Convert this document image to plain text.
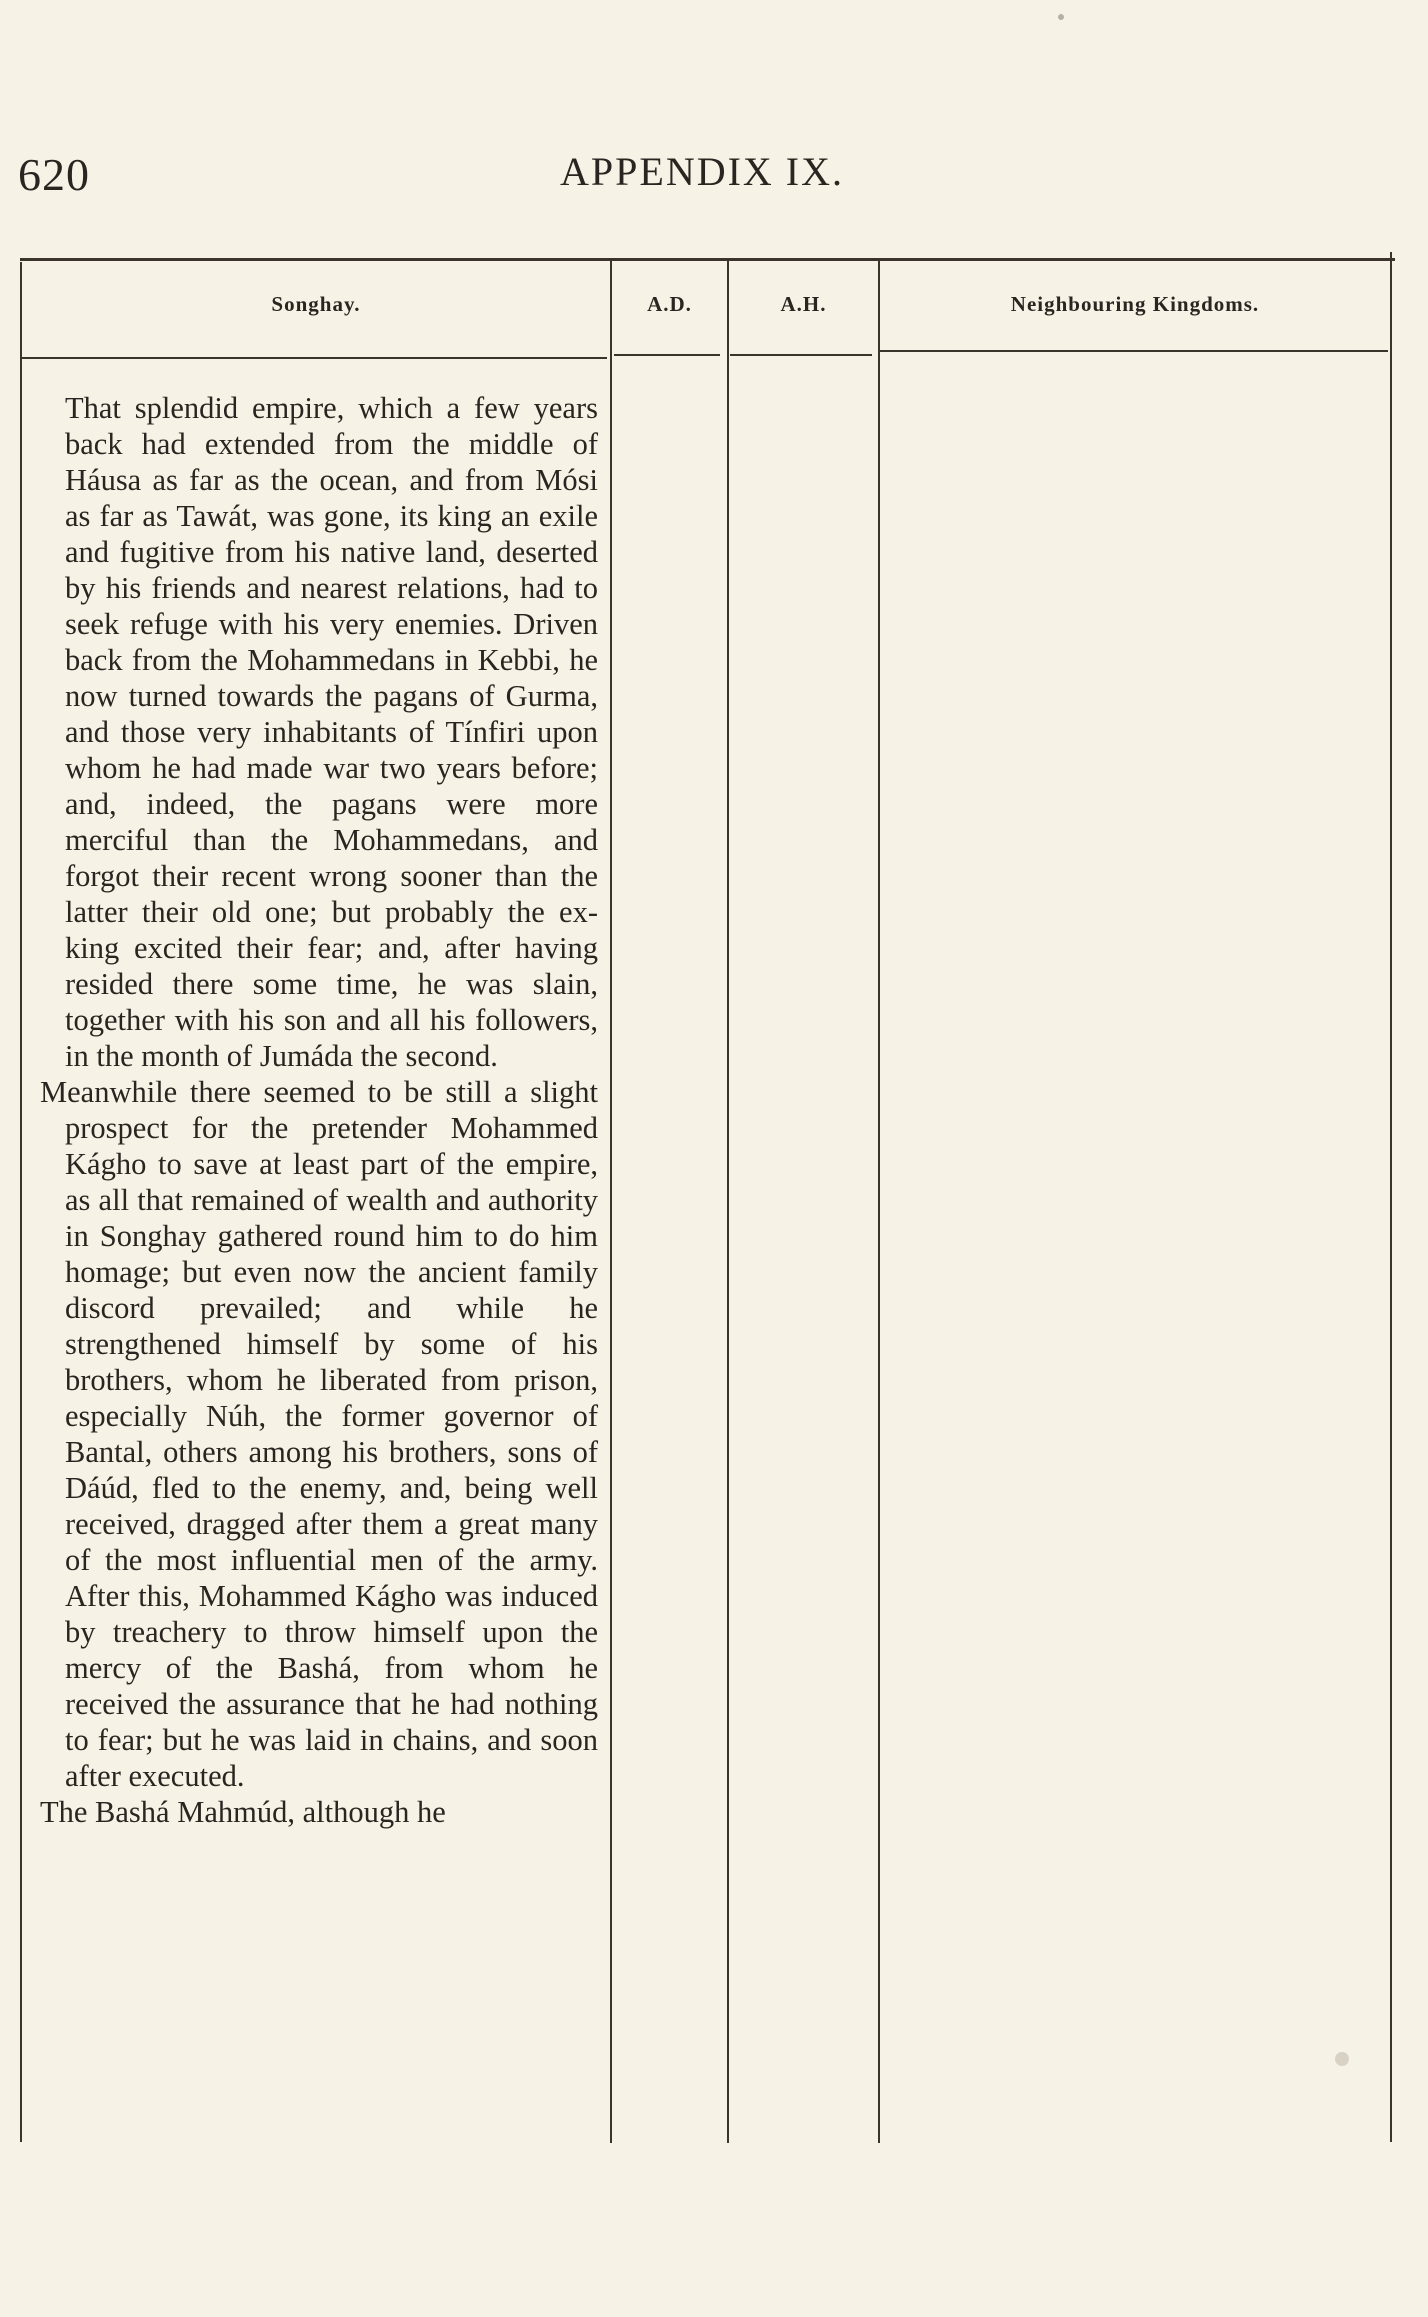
620	APPENDIX IX.
Songhay.	A.D.	A.H.	Neighbouring Kingdoms.

That splendid empire, which a few years back had extended from the middle of Háusa as far as the ocean, and from Mósi as far as Tawát, was gone, its king an exile and fugitive from his native land, deserted by his friends and nearest relations, had to seek refuge with his very enemies. Driven back from the Mohammedans in Kebbi, he now turned towards the pagans of Gurma, and those very inhabitants of Tínfiri upon whom he had made war two years before; and, indeed, the pagans were more merciful than the Mohammedans, and forgot their recent wrong sooner than the latter their old one; but probably the ex-king excited their fear; and, after having resided there some time, he was slain, together with his son and all his followers, in the month of Jumáda the second.

Meanwhile there seemed to be still a slight prospect for the pretender Mohammed Kágho to save at least part of the empire, as all that remained of wealth and authority in Songhay gathered round him to do him homage; but even now the ancient family discord prevailed; and while he strengthened himself by some of his brothers, whom he liberated from prison, especially Núh, the former governor of Bantal, others among his brothers, sons of Dáúd, fled to the enemy, and, being well received, dragged after them a great many of the most influential men of the army. After this, Mohammed Kágho was induced by treachery to throw himself upon the mercy of the Bashá, from whom he received the assurance that he had nothing to fear; but he was laid in chains, and soon after executed.

The Bashá Mahmúd, although he
